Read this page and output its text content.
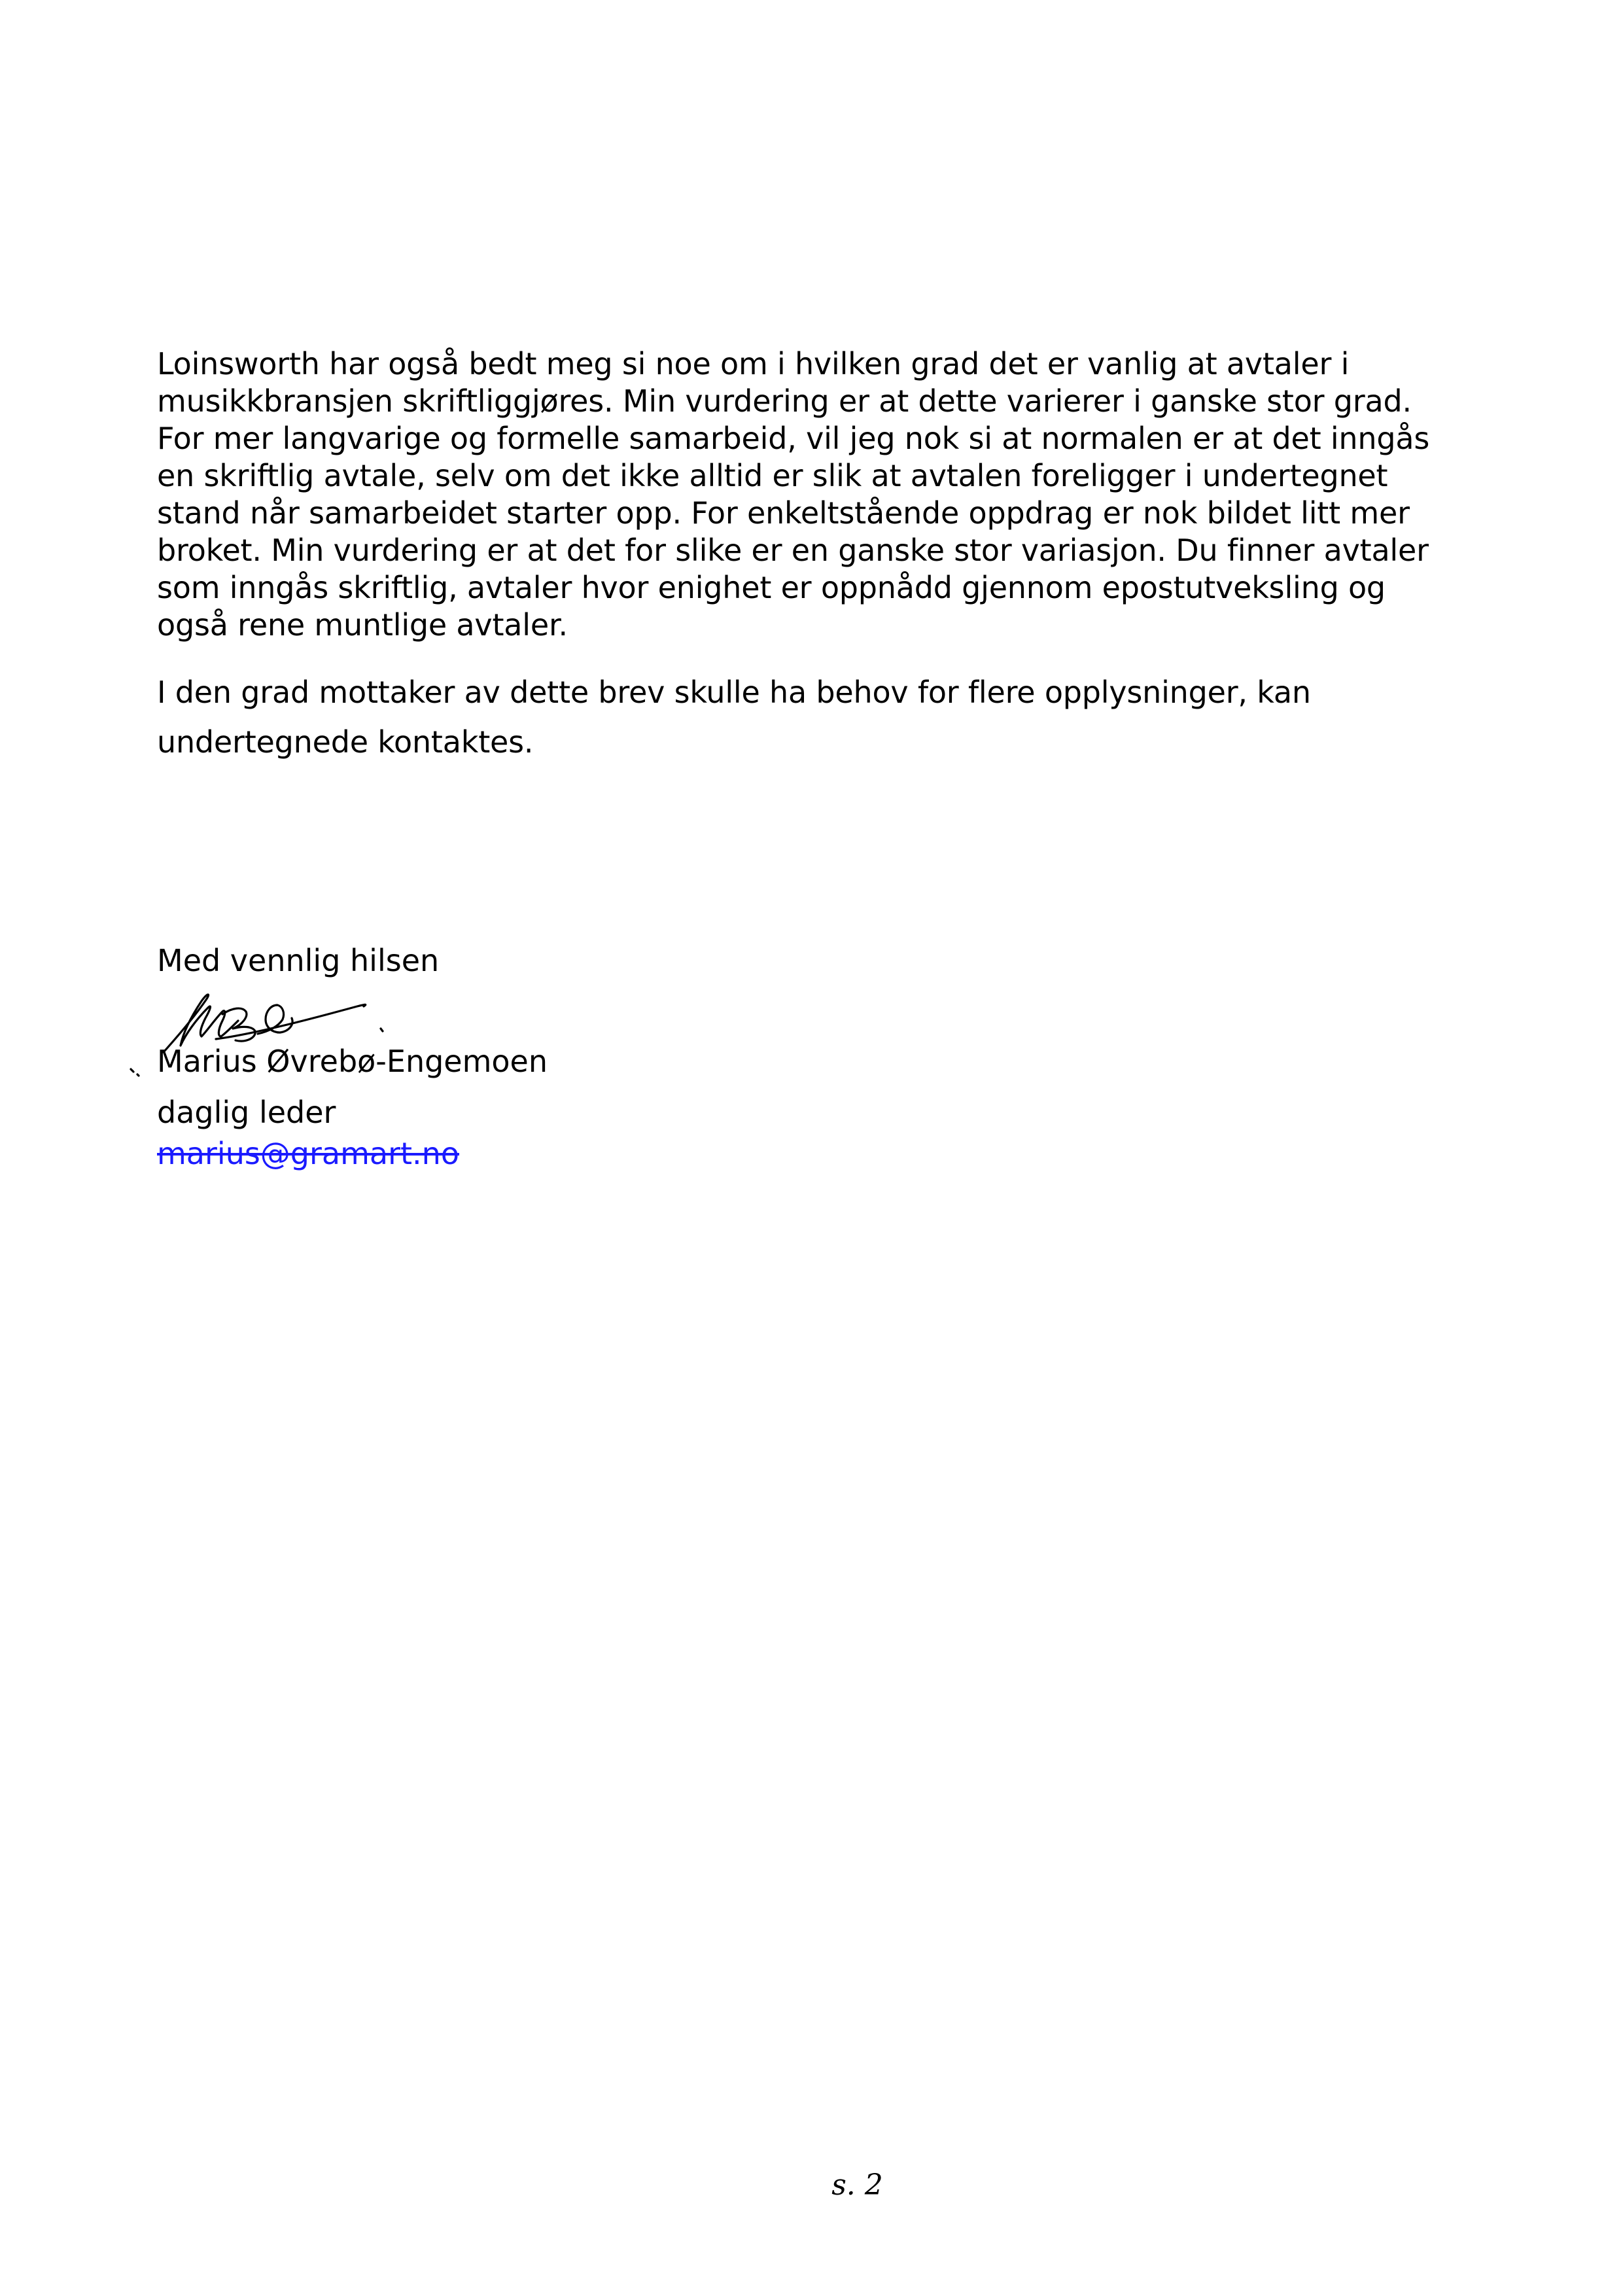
Loinsworth har også bedt meg si noe om i hvilken grad det er vanlig at avtaler i
musikkbransjen skriftliggjøres. Min vurdering er at dette varierer i ganske stor grad.
For mer langvarige og formelle samarbeid, vil jeg nok si at normalen er at det inngås
en skriftlig avtale, selv om det ikke alltid er slik at avtalen foreligger i undertegnet
stand når samarbeidet starter opp. For enkeltstående oppdrag er nok bildet litt mer
broket. Min vurdering er at det for slike er en ganske stor variasjon. Du finner avtaler
som inngås skriftlig, avtaler hvor enighet er oppnådd gjennom epostutveksling og
også rene muntlige avtaler.
I den grad mottaker av dette brev skulle ha behov for flere opplysninger, kan
undertegnede kontaktes.
Med vennlig hilsen
Marius Øvrebø-Engemoen
daglig leder
marius@gramart.no
s. 2
